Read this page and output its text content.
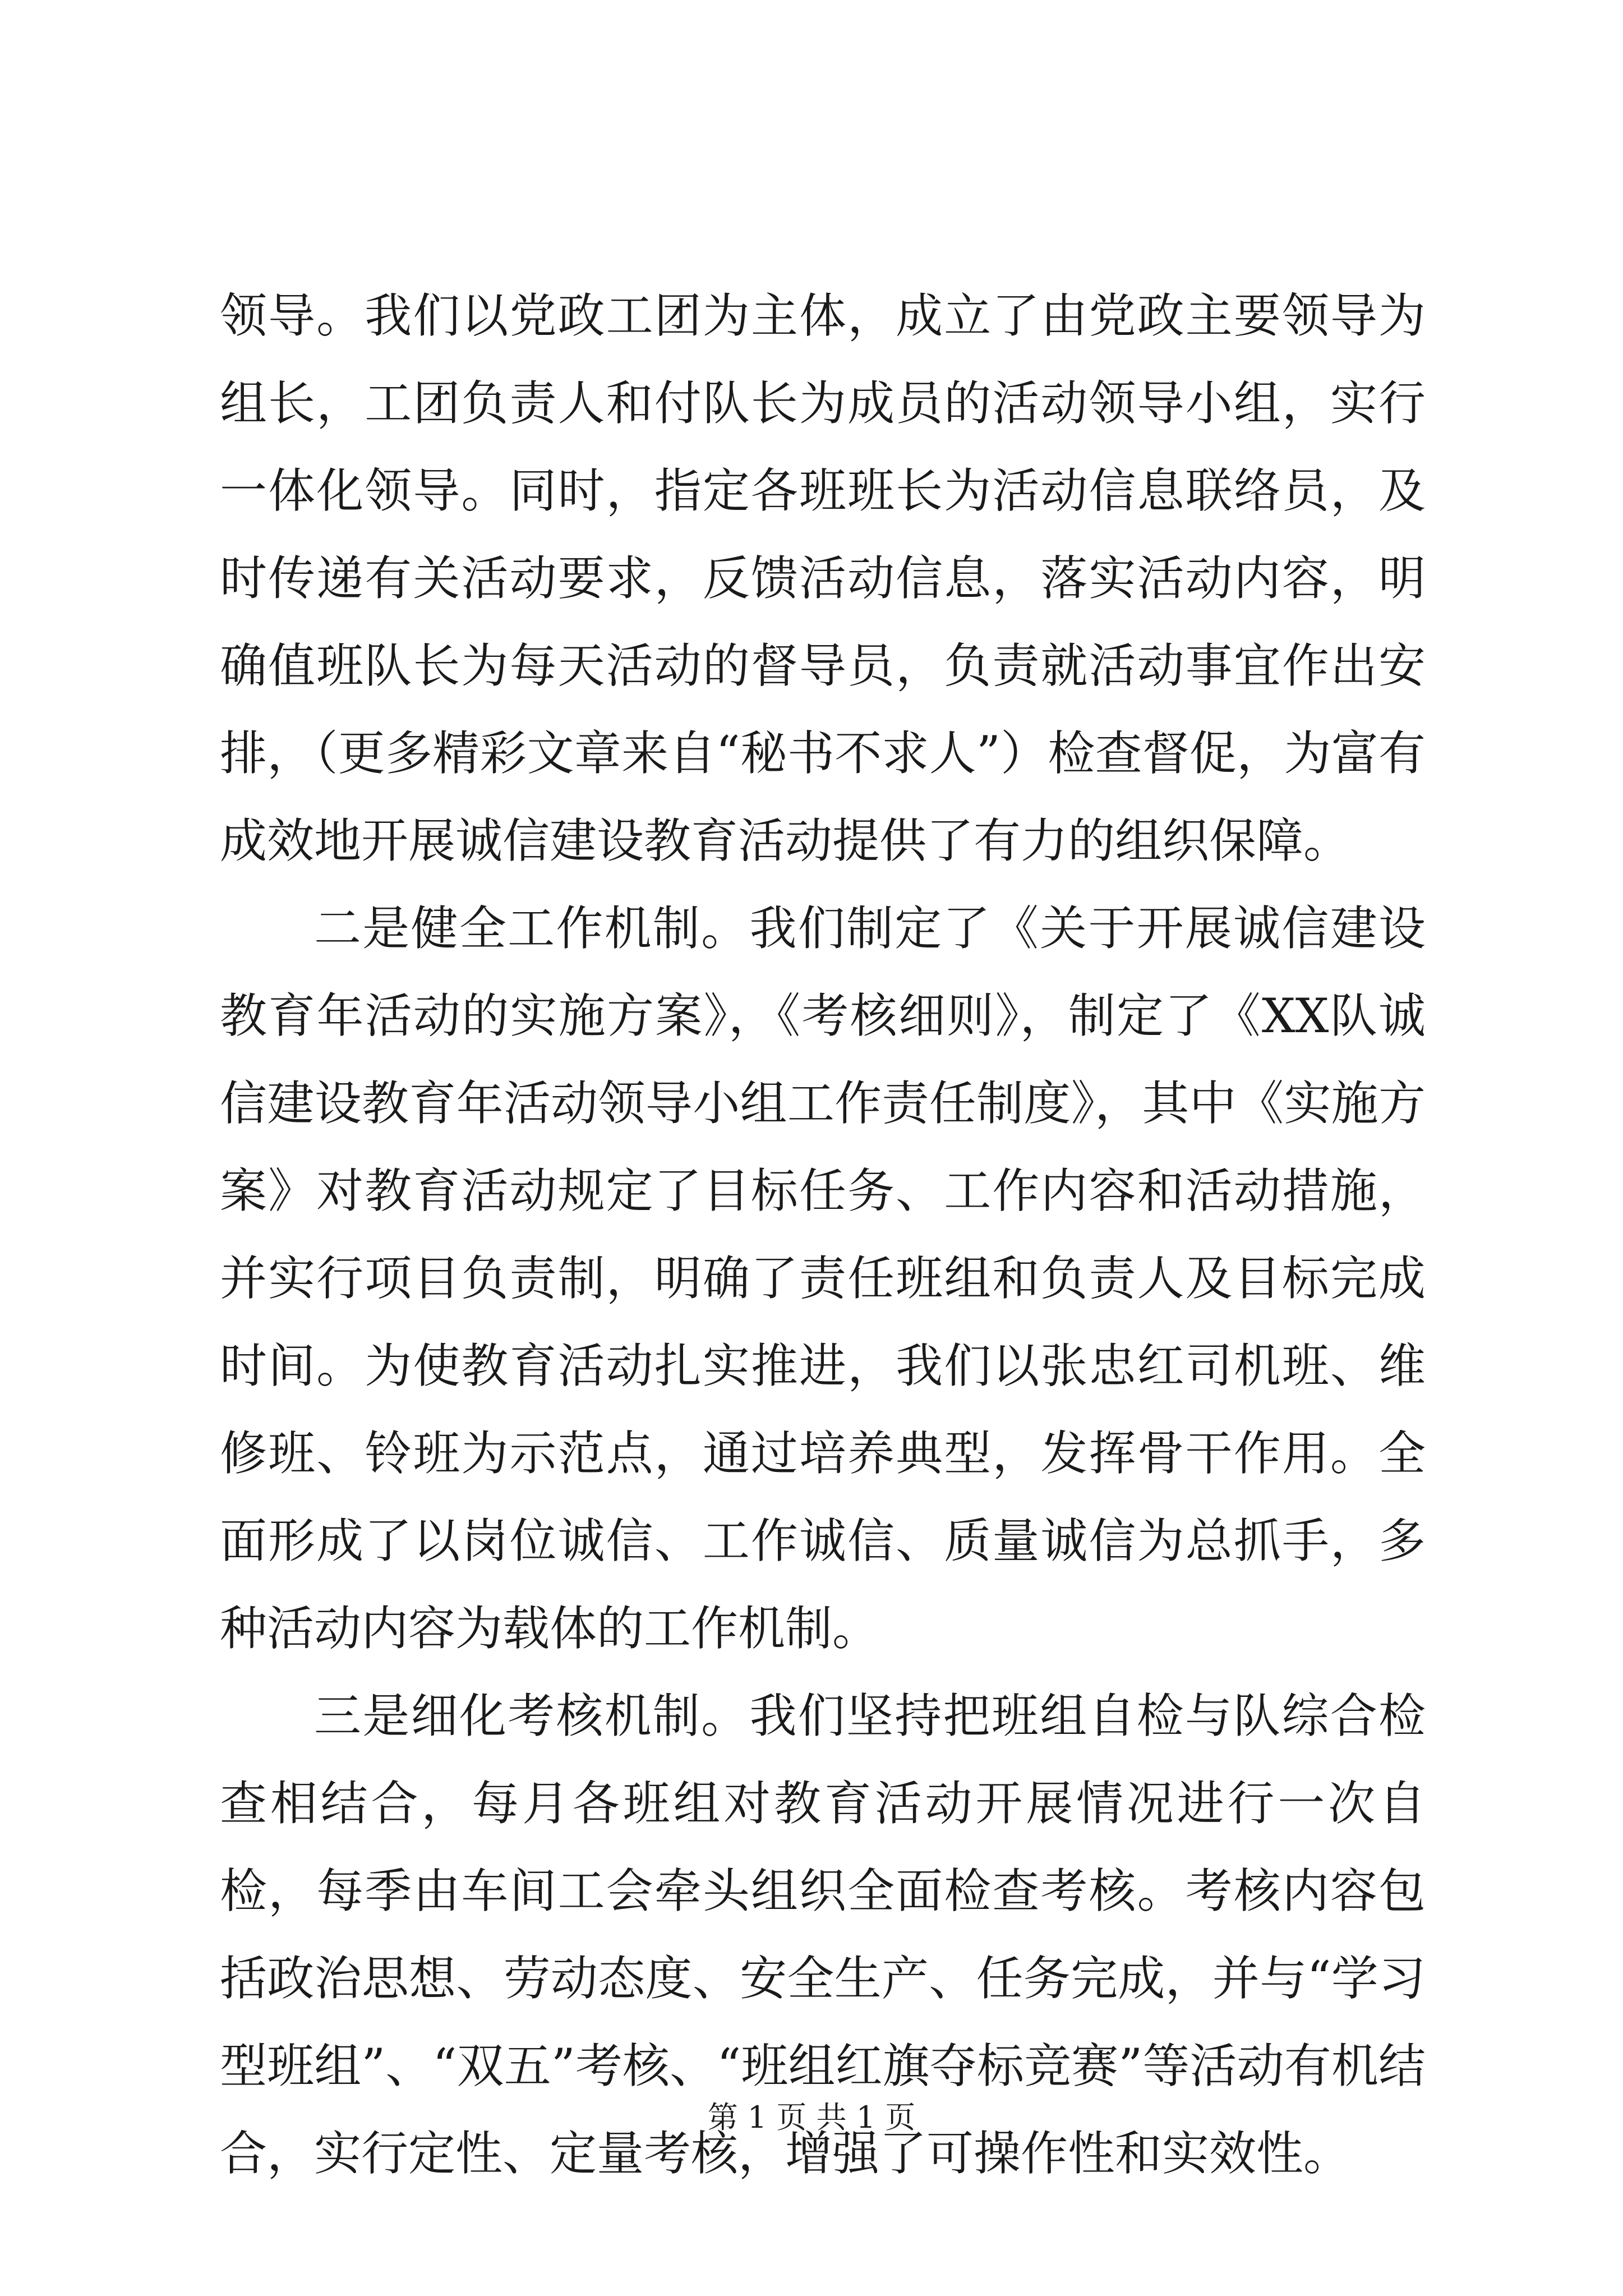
领导。我们以党政工团为主体，成立了由党政主要领导为组长，工团负责人和付队长为成员的活动领导小组，实行一体化领导。同时，指定各班班长为活动信息联络员，及时传递有关活动要求，反馈活动信息，落实活动内容，明确值班队长为每天活动的督导员，负责就活动事宜作出安排，（更多精彩文章来自“秘书不求人”）检查督促，为富有成效地开展诚信建设教育活动提供了有力的组织保障。

二是健全工作机制。我们制定了《关于开展诚信建设教育年活动的实施方案》，《考核细则》，制定了《XX队诚信建设教育年活动领导小组工作责任制度》，其中《实施方案》对教育活动规定了目标任务、工作内容和活动措施，并实行项目负责制，明确了责任班组和负责人及目标完成时间。为使教育活动扎实推进，我们以张忠红司机班、维修班、铃班为示范点，通过培养典型，发挥骨干作用。全面形成了以岗位诚信、工作诚信、质量诚信为总抓手，多种活动内容为载体的工作机制。

三是细化考核机制。我们坚持把班组自检与队综合检查相结合，每月各班组对教育活动开展情况进行一次自检，每季由车间工会牵头组织全面检查考核。考核内容包括政治思想、劳动态度、安全生产、任务完成，并与“学习型班组”、“双五”考核、“班组红旗夺标竞赛”等活动有机结合，实行定性、定量考核，增强了可操作性和实效性。

第 1 页 共 1 页
